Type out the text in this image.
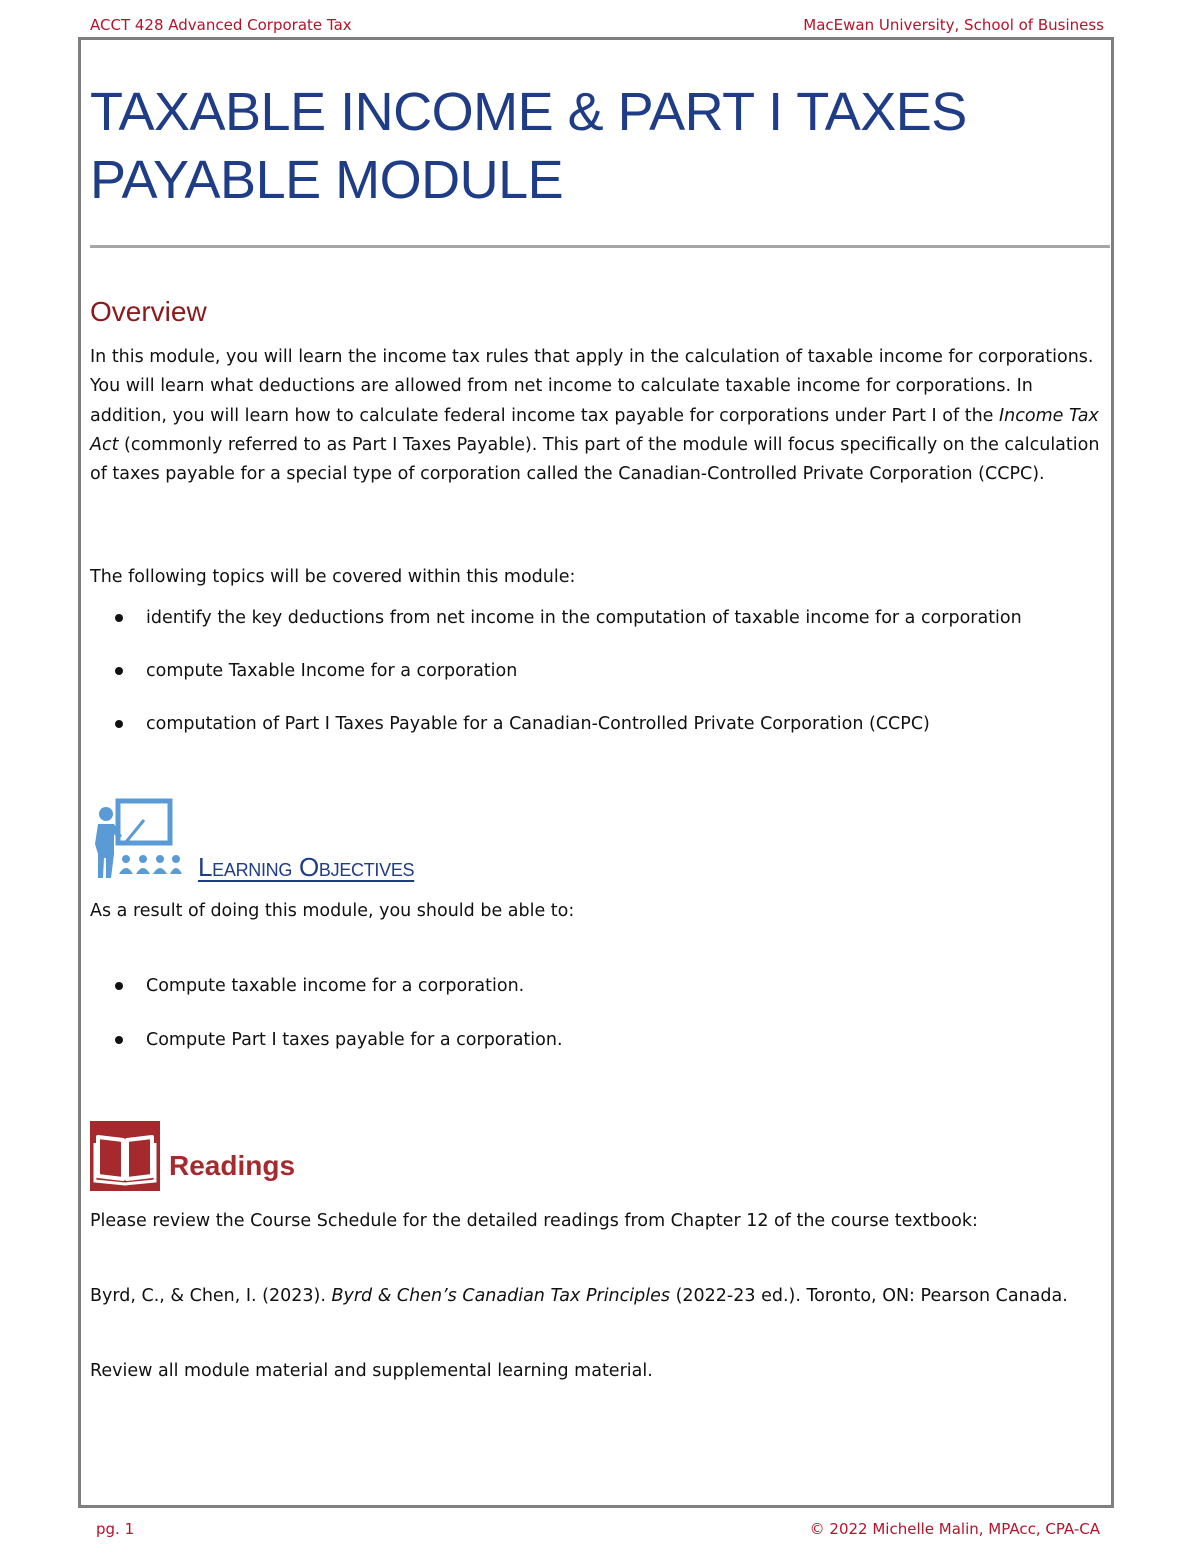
ACCT 428 Advanced Corporate Tax	MacEwan University, School of Business
TAXABLE INCOME & PART I TAXES
PAYABLE MODULE
Overview

In this module, you will learn the income tax rules that apply in the calculation of taxable income for corporations. You will learn what deductions are allowed from net income to calculate taxable income for corporations. In addition, you will learn how to calculate federal income tax payable for corporations under Part I of the Income Tax Act (commonly referred to as Part I Taxes Payable). This part of the module will focus specifically on the calculation of taxes payable for a special type of corporation called the Canadian-Controlled Private Corporation (CCPC).

The following topics will be covered within this module:

identify the key deductions from net income in the computation of taxable income for a corporation
compute Taxable Income for a corporation
computation of Part I Taxes Payable for a Canadian-Controlled Private Corporation (CCPC)
Learning Objectives

As a result of doing this module, you should be able to:

Compute taxable income for a corporation.
Compute Part I taxes payable for a corporation.
Readings

Please review the Course Schedule for the detailed readings from Chapter 12 of the course textbook:

Byrd, C., & Chen, I. (2023). Byrd & Chen’s Canadian Tax Principles (2022-23 ed.). Toronto, ON: Pearson Canada.

Review all module material and supplemental learning material.

pg. 1	© 2022 Michelle Malin, MPAcc, CPA-CA
